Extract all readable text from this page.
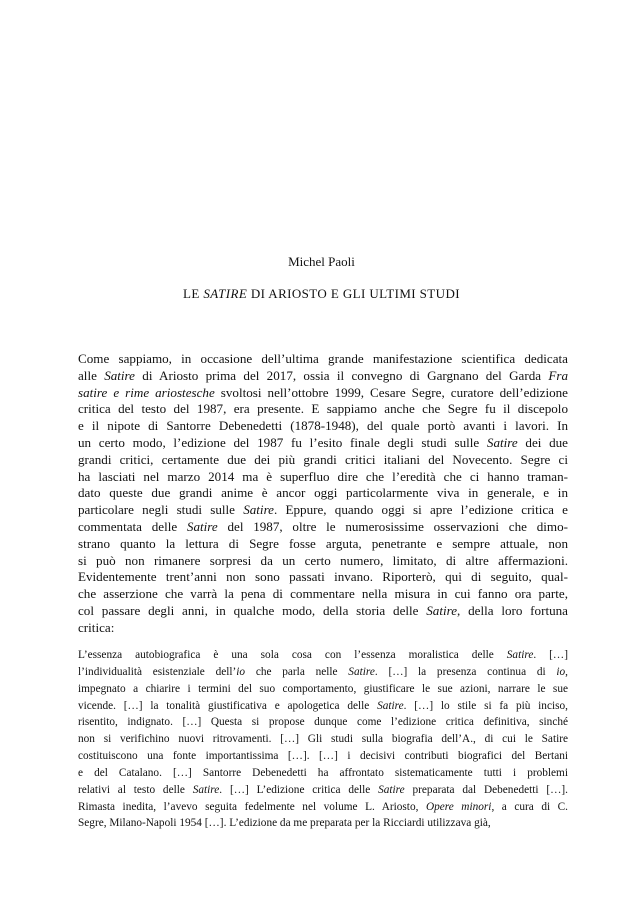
Michel Paoli
LE SATIRE DI ARIOSTO E GLI ULTIMI STUDI
Come sappiamo, in occasione dell’ultima grande manifestazione scientifica dedicata
alle Satire di Ariosto prima del 2017, ossia il convegno di Gargnano del Garda Fra
satire e rime ariostesche svoltosi nell’ottobre 1999, Cesare Segre, curatore dell’edizione
critica del testo del 1987, era presente. E sappiamo anche che Segre fu il discepolo
e il nipote di Santorre Debenedetti (1878-1948), del quale portò avanti i lavori. In
un certo modo, l’edizione del 1987 fu l’esito finale degli studi sulle Satire dei due
grandi critici, certamente due dei più grandi critici italiani del Novecento. Segre ci
ha lasciati nel marzo 2014 ma è superfluo dire che l’eredità che ci hanno traman-
dato queste due grandi anime è ancor oggi particolarmente viva in generale, e in
particolare negli studi sulle Satire. Eppure, quando oggi si apre l’edizione critica e
commentata delle Satire del 1987, oltre le numerosissime osservazioni che dimo-
strano quanto la lettura di Segre fosse arguta, penetrante e sempre attuale, non
si può non rimanere sorpresi da un certo numero, limitato, di altre affermazioni.
Evidentemente trent’anni non sono passati invano. Riporterò, qui di seguito, qual-
che asserzione che varrà la pena di commentare nella misura in cui fanno ora parte,
col passare degli anni, in qualche modo, della storia delle Satire, della loro fortuna
critica:
L’essenza autobiografica è una sola cosa con l’essenza moralistica delle Satire. […]
l’individualità esistenziale dell’io che parla nelle Satire. […] la presenza continua di io,
impegnato a chiarire i termini del suo comportamento, giustificare le sue azioni, narrare le sue
vicende. […] la tonalità giustificativa e apologetica delle Satire. […] lo stile si fa più inciso,
risentito, indignato. […] Questa si propose dunque come l’edizione critica definitiva, sinché
non si verifichino nuovi ritrovamenti. […] Gli studi sulla biografia dell’A., di cui le Satire
costituiscono una fonte importantissima […]. […] i decisivi contributi biografici del Bertani
e del Catalano. […] Santorre Debenedetti ha affrontato sistematicamente tutti i problemi
relativi al testo delle Satire. […] L’edizione critica delle Satire preparata dal Debenedetti […].
Rimasta inedita, l’avevo seguita fedelmente nel volume L. Ariosto, Opere minori, a cura di C.
Segre, Milano-Napoli 1954 […]. L’edizione da me preparata per la Ricciardi utilizzava già,
